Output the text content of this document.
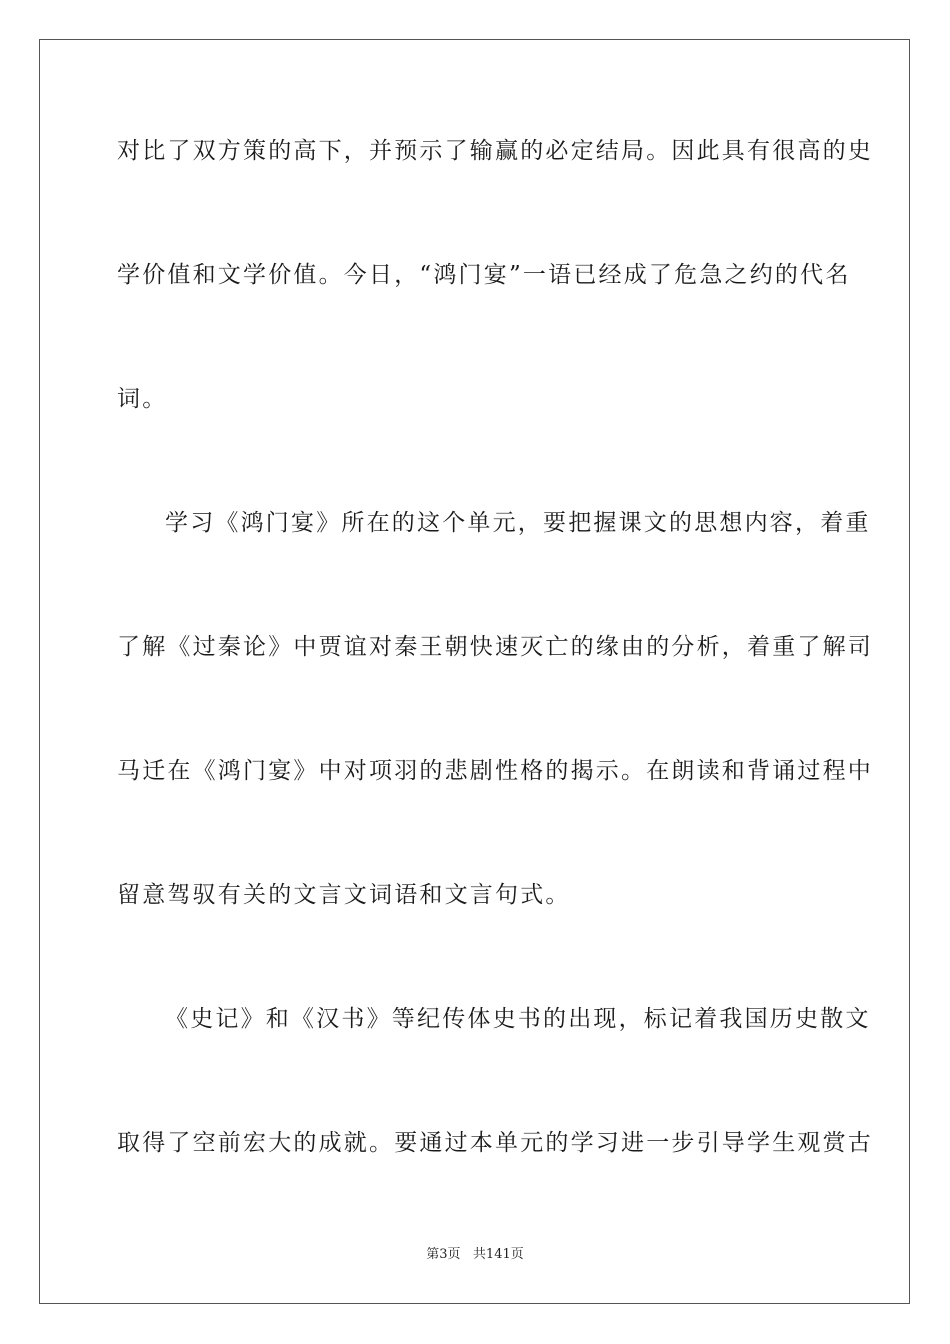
对比了双方策的高下，并预示了输赢的必定结局。因此具有很高的史
学价值和文学价值。今日，“鸿门宴”一语已经成了危急之约的代名
词。
学习《鸿门宴》所在的这个单元，要把握课文的思想内容，着重
了解《过秦论》中贾谊对秦王朝快速灭亡的缘由的分析，着重了解司
马迁在《鸿门宴》中对项羽的悲剧性格的揭示。在朗读和背诵过程中
留意驾驭有关的文言文词语和文言句式。
《史记》和《汉书》等纪传体史书的出现，标记着我国历史散文
取得了空前宏大的成就。要通过本单元的学习进一步引导学生观赏古
第3页 共141页
